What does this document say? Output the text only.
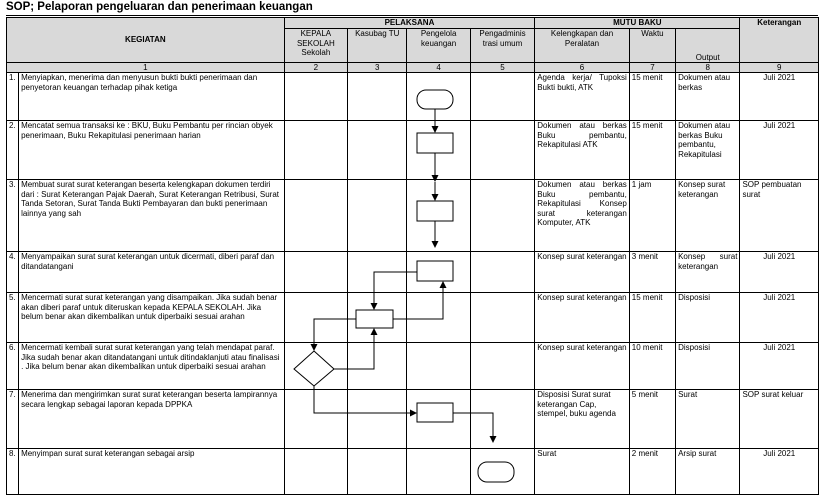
SOP; Pelaporan pengeluaran dan penerimaan keuangan
KEGIATAN		PELAKSANA				MUTU BAKU			Keterangan
		KEPALA SEKOLAH Sekolah	Kasubag TU	Pengelola keuangan	Pengadminis trasi umum	Kelengkapan dan Peralatan	Waktu	Output	
1		2	3	4	5	6	7	8	9
1.	Menyiapkan, menerima dan menyusun bukti bukti penerimaan dan penyetoran keuangan terhadap pihak ketiga					Agenda kerja/ Tupoksi Bukti bukti, ATK	15 menit	Dokumen atau berkas	Juli 2021
2.	Mencatat semua transaksi ke : BKU, Buku Pembantu per rincian obyek penerimaan, Buku Rekapitulasi penerimaan harian					Dokumen atau berkas Buku pembantu, Rekapitulasi ATK	15 menit	Dokumen atau berkas Buku pembantu, Rekapitulasi	Juli 2021
3.	Membuat surat surat keterangan beserta kelengkapan dokumen terdiri dari : Surat Keterangan Pajak Daerah, Surat Keterangan Retribusi, Surat Tanda Setoran, Surat Tanda Bukti Pembayaran dan bukti penerimaan lainnya yang sah					Dokumen atau berkas Buku pembantu, Rekapitulasi Konsep surat keterangan Komputer, ATK	1 jam	Konsep surat keterangan	SOP pembuatan surat
4.	Menyampaikan surat surat keterangan untuk dicermati, diberi paraf dan ditandatangani					Konsep surat keterangan	3 menit	Konsep surat keterangan	Juli 2021
5.	Mencermati surat surat keterangan yang disampaikan. Jika sudah benar akan diberi paraf untuk diteruskan kepada KEPALA SEKOLAH. Jika belum benar akan dikembalikan untuk diperbaiki sesuai arahan					Konsep surat keterangan	15 menit	Disposisi	Juli 2021
6.	Mencermati kembali surat surat keterangan yang telah mendapat paraf. Jika sudah benar akan ditandatangani untuk ditindaklanjuti atau finalisasi . Jika belum benar akan dikembalikan untuk diperbaiki sesuai arahan					Konsep surat keterangan	10 menit	Disposisi	Juli 2021
7.	Menerima dan mengirimkan surat surat keterangan beserta lampirannya secara lengkap sebagai laporan kepada DPPKA					Disposisi Surat surat keterangan Cap, stempel, buku agenda	5 menit	Surat	SOP surat keluar
8.	Menyimpan surat surat keterangan sebagai arsip					Surat	2 menit	Arsip surat	Juli 2021
